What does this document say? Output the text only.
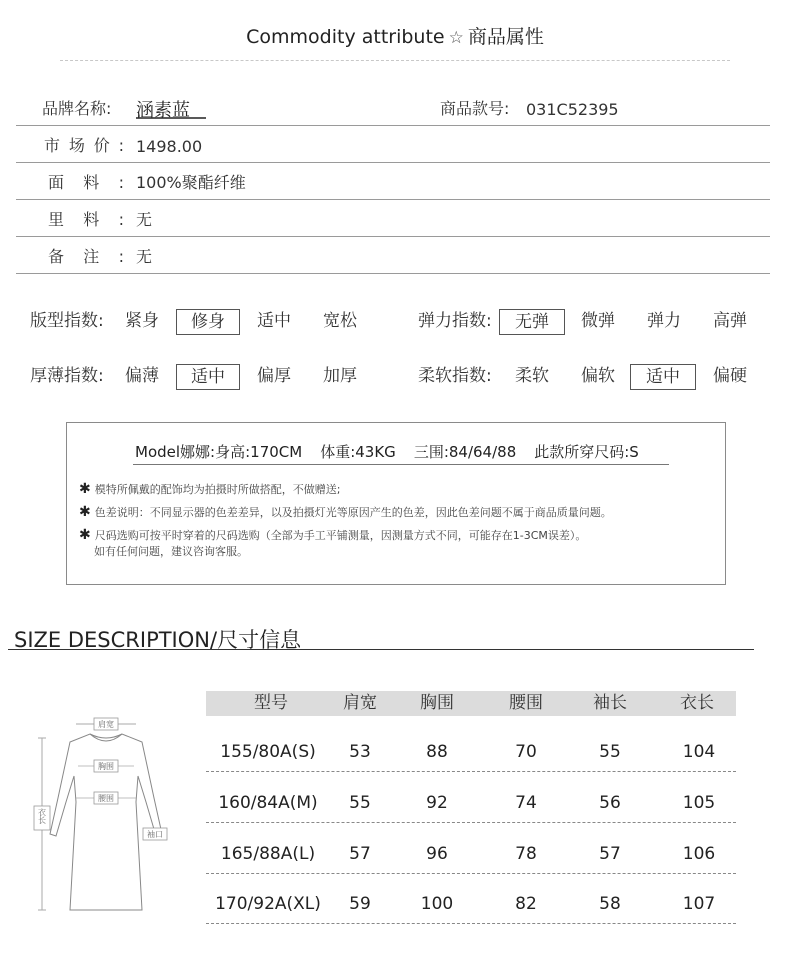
Commodity attribute ☆ 商品属性
品牌名称:	涵素蓝	商品款号: 031C52395
市场价: 1498.00
面料: 100%聚酯纤维
里料: 无
备注: 无
版型指数:	紧身	修身	适中 宽松	弹力指数:	无弹	微弹 弹力 高弹
厚薄指数:	偏薄	适中	偏厚 加厚	柔软指数:	柔软 偏软	适中	偏硬
Model娜娜:身高:170CM 体重:43KG 三围:84/64/88 此款所穿尺码:S
✱ 模特所佩戴的配饰均为拍摄时所做搭配，不做赠送;
✱ 色差说明：不同显示器的色差差异，以及拍摄灯光等原因产生的色差，因此色差问题不属于商品质量问题。
✱ 尺码选购可按平时穿着的尺码选购（全部为手工平铺测量，因测量方式不同，可能存在1-3CM误差）。
如有任何问题，建议咨询客服。
SIZE DESCRIPTION/尺寸信息
衣长
肩宽
胸围
腰围
袖口
型号	肩宽	胸围	腰围	袖长	衣长
155/80A(S)	53	88	70	55	104
160/84A(M)	55	92	74	56	105
165/88A(L)	57	96	78	57	106
170/92A(XL)	59	100	82	58	107
